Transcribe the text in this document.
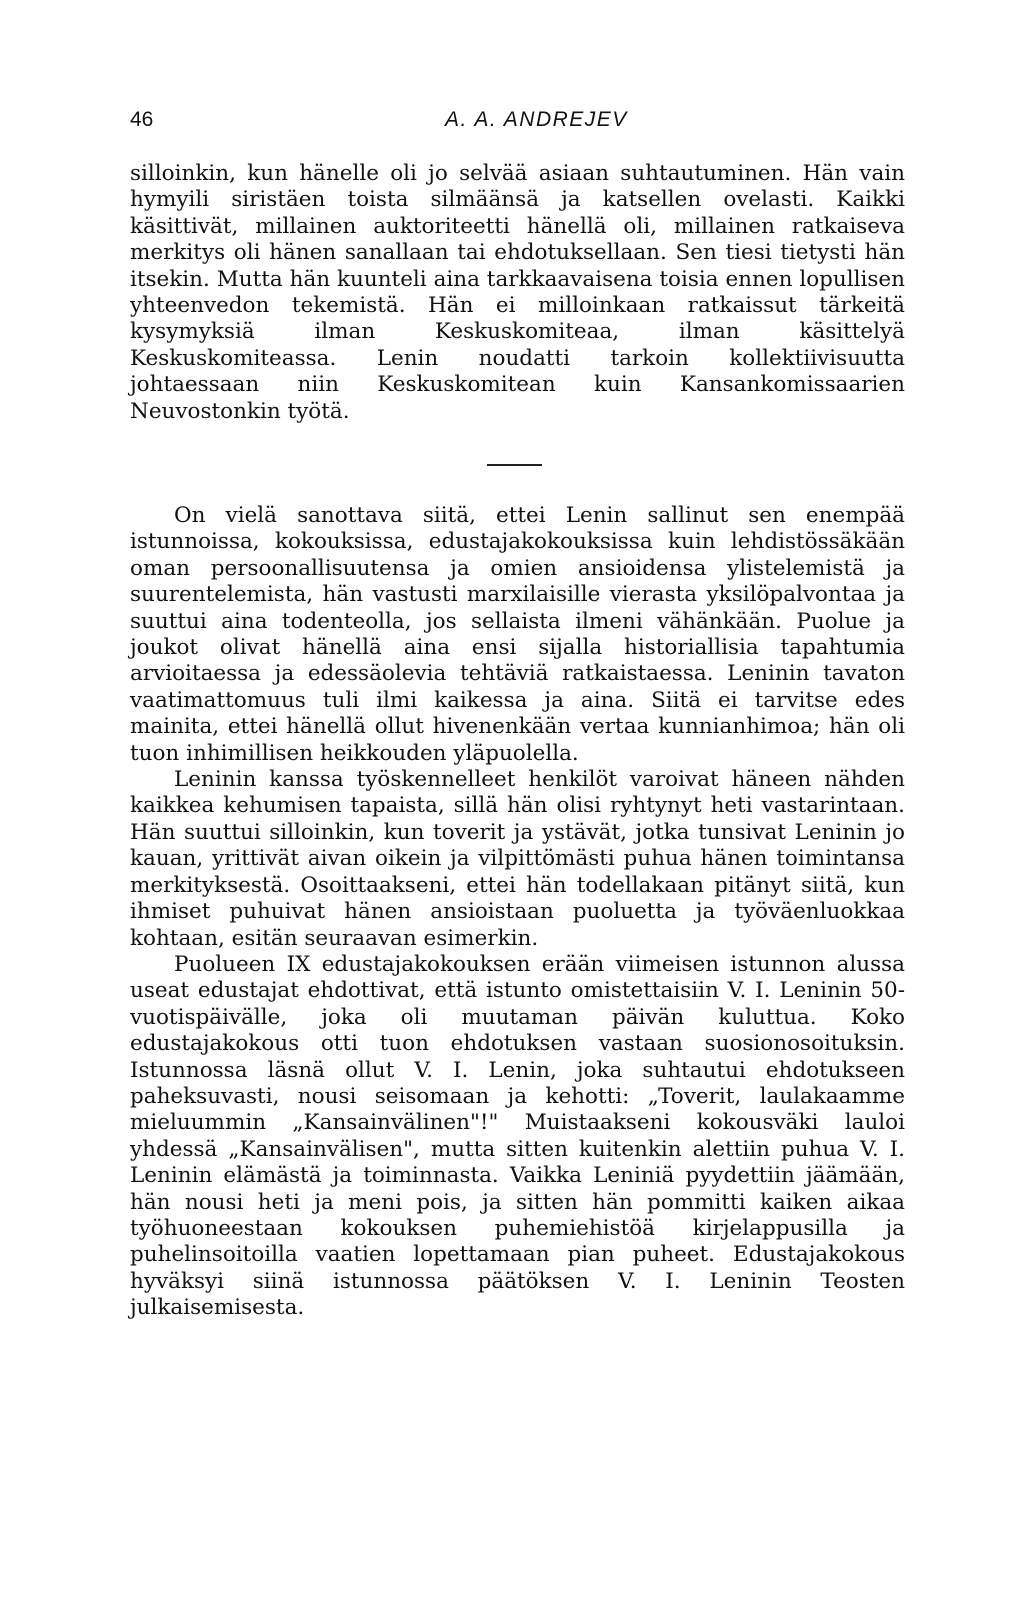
46	A. A. ANDREJEV

silloinkin, kun hänelle oli jo selvää asiaan suhtautuminen. Hän vain hymyili siristäen toista silmäänsä ja katsellen ovelasti. Kaikki käsittivät, millainen auktoriteetti hänellä oli, millainen ratkaiseva merkitys oli hänen sanallaan tai ehdotuksellaan. Sen tiesi tietysti hän itsekin. Mutta hän kuunteli aina tarkkaavaisena toisia ennen lopullisen yhteenvedon tekemistä. Hän ei milloinkaan ratkaissut tärkeitä kysymyksiä ilman Keskuskomiteaa, ilman käsittelyä Keskuskomiteassa. Lenin noudatti tarkoin kollektiivisuutta johtaessaan niin Keskuskomitean kuin Kansankomissaarien Neuvostonkin työtä.

On vielä sanottava siitä, ettei Lenin sallinut sen enempää istunnoissa, kokouksissa, edustajakokouksissa kuin lehdistössäkään oman persoonallisuutensa ja omien ansioidensa ylistelemistä ja suurentelemista, hän vastusti marxilaisille vierasta yksilöpalvontaa ja suuttui aina todenteolla, jos sellaista ilmeni vähänkään. Puolue ja joukot olivat hänellä aina ensi sijalla historiallisia tapahtumia arvioitaessa ja edessäolevia tehtäviä ratkaistaessa. Leninin tavaton vaatimattomuus tuli ilmi kaikessa ja aina. Siitä ei tarvitse edes mainita, ettei hänellä ollut hivenenkään vertaa kunnianhimoa; hän oli tuon inhimillisen heikkouden yläpuolella.

Leninin kanssa työskennelleet henkilöt varoivat häneen nähden kaikkea kehumisen tapaista, sillä hän olisi ryhtynyt heti vastarintaan. Hän suuttui silloinkin, kun toverit ja ystävät, jotka tunsivat Leninin jo kauan, yrittivät aivan oikein ja vilpittömästi puhua hänen toimintansa merkityksestä. Osoittaakseni, ettei hän todellakaan pitänyt siitä, kun ihmiset puhuivat hänen ansioistaan puoluetta ja työväenluokkaa kohtaan, esitän seuraavan esimerkin.

Puolueen IX edustajakokouksen erään viimeisen istunnon alussa useat edustajat ehdottivat, että istunto omistettaisiin V. I. Leninin 50-vuotispäivälle, joka oli muutaman päivän kuluttua. Koko edustajakokous otti tuon ehdotuksen vastaan suosionosoituksin. Istunnossa läsnä ollut V. I. Lenin, joka suhtautui ehdotukseen paheksuvasti, nousi seisomaan ja kehotti: „Toverit, laulakaamme mieluummin „Kansainvälinen"!" Muistaakseni kokousväki lauloi yhdessä „Kansainvälisen", mutta sitten kuitenkin alettiin puhua V. I. Leninin elämästä ja toiminnasta. Vaikka Leniniä pyydettiin jäämään, hän nousi heti ja meni pois, ja sitten hän pommitti kaiken aikaa työhuoneestaan kokouksen puhemiehistöä kirjelappusilla ja puhelinsoitoilla vaatien lopettamaan pian puheet. Edustajakokous hyväksyi siinä istunnossa päätöksen V. I. Leninin Teosten julkaisemisesta.
